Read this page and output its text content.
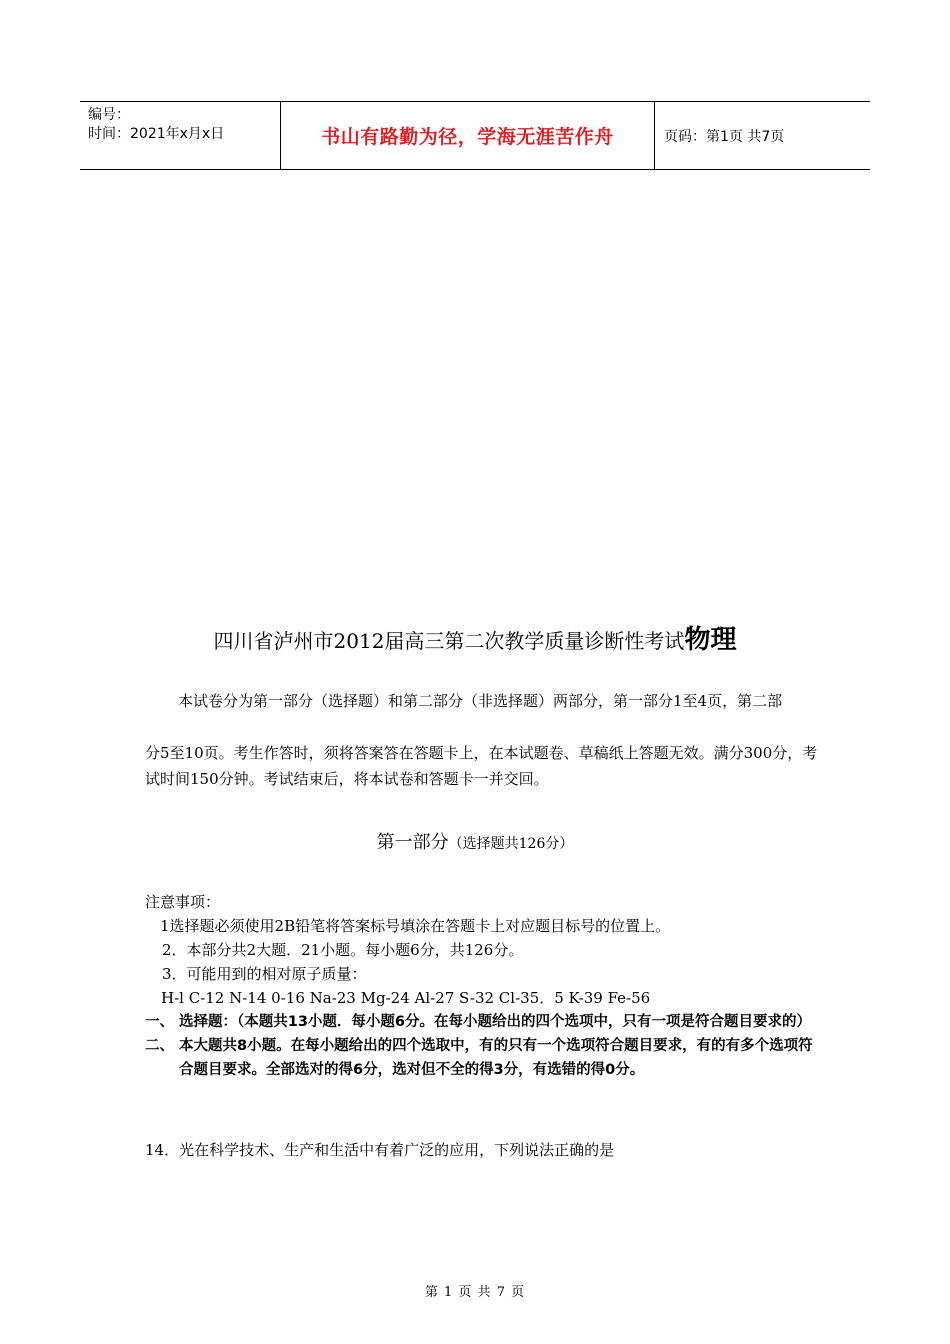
编号：
时间：2021年x月x日	书山有路勤为径，学海无涯苦作舟	页码：第1页 共7页
四川省泸州市2012届高三第二次教学质量诊断性考试物理
本试卷分为第一部分（选择题）和第二部分（非选择题）两部分，第一部分1至4页，第二部
分5至10页。考生作答时，须将答案答在答题卡上，在本试题卷、草稿纸上答题无效。满分300分，考试时间150分钟。考试结束后，将本试卷和答题卡一并交回。
第一部分（选择题共126分）
注意事项：
1选择题必须使用2B铅笔将答案标号填涂在答题卡上对应题目标号的位置上。
2．本部分共2大题．21小题。每小题6分，共126分。
3．可能用到的相对原子质量：
H-l C-12 N-14 0-16 Na-23 Mg-24 Al-27 S-32 Cl-35．5 K-39 Fe-56
一、 选择题：（本题共13小题．每小题6分。在每小题给出的四个选项中，只有一项是符合题目要求的）
二、 本大题共8小题。在每小题给出的四个选取中，有的只有一个选项符合题目要求，有的有多个选项符合题目要求。全部选对的得6分，选对但不全的得3分，有选错的得0分。
14．光在科学技术、生产和生活中有着广泛的应用，下列说法正确的是
第 1 页 共 7 页
